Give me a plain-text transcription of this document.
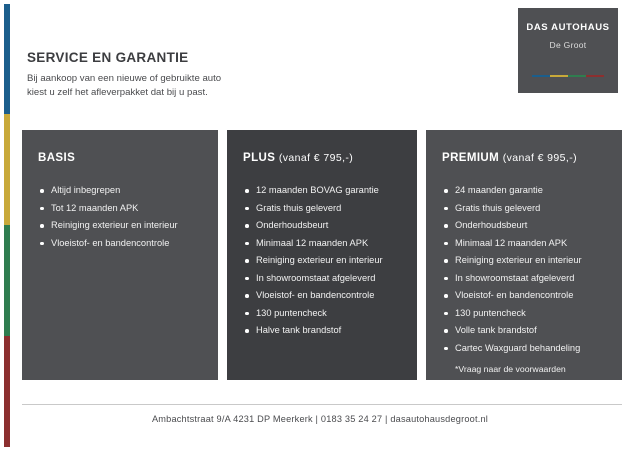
DAS AUTOHAUS
De Groot
SERVICE EN GARANTIE
Bij aankoop van een nieuwe of gebruikte auto
kiest u zelf het afleverpakket dat bij u past.
BASIS
Altijd inbegrepen
Tot 12 maanden APK
Reiniging exterieur en interieur
Vloeistof- en bandencontrole
PLUS (vanaf € 795,-)
12 maanden BOVAG garantie
Gratis thuis geleverd
Onderhoudsbeurt
Minimaal 12 maanden APK
Reiniging exterieur en interieur
In showroomstaat afgeleverd
Vloeistof- en bandencontrole
130 puntencheck
Halve tank brandstof
PREMIUM (vanaf € 995,-)
24 maanden garantie
Gratis thuis geleverd
Onderhoudsbeurt
Minimaal 12 maanden APK
Reiniging exterieur en interieur
In showroomstaat afgeleverd
Vloeistof- en bandencontrole
130 puntencheck
Volle tank brandstof
Cartec Waxguard behandeling
*Vraag naar de voorwaarden
Ambachtstraat 9/A 4231 DP Meerkerk | 0183 35 24 27 | dasautohausdegroot.nl
